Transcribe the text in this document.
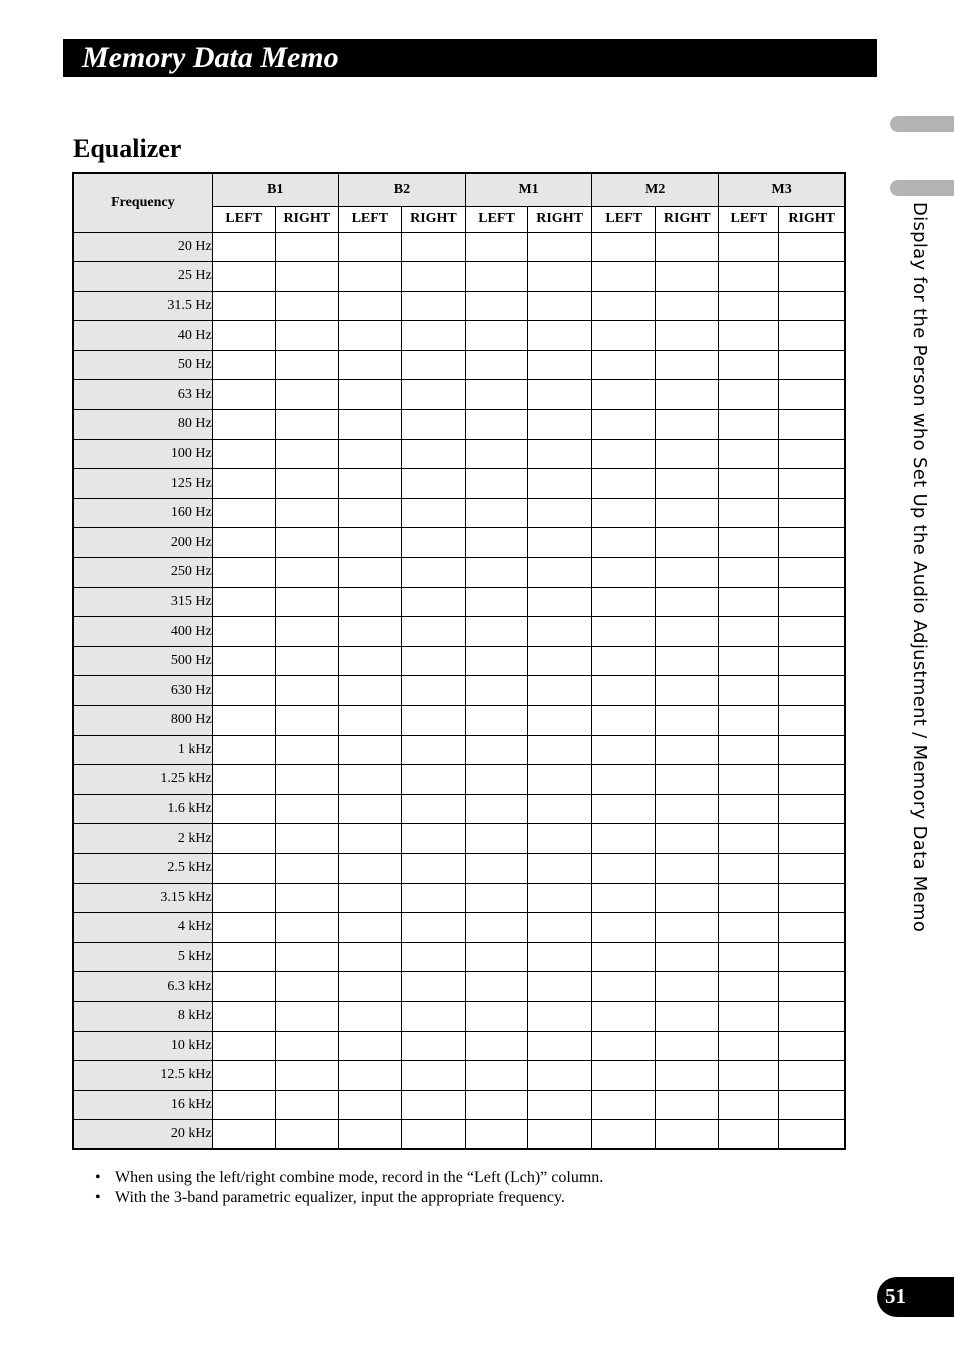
Memory Data Memo
Equalizer
Display for the Person who Set Up the Audio Adjustment / Memory Data Memo
Frequency	B1		B2		M1		M2		M3	
	LEFT	RIGHT	LEFT	RIGHT	LEFT	RIGHT	LEFT	RIGHT	LEFT	RIGHT
20 Hz										
25 Hz										
31.5 Hz										
40 Hz										
50 Hz										
63 Hz										
80 Hz										
100 Hz										
125 Hz										
160 Hz										
200 Hz										
250 Hz										
315 Hz										
400 Hz										
500 Hz										
630 Hz										
800 Hz										
1 kHz										
1.25 kHz										
1.6 kHz										
2 kHz										
2.5 kHz										
3.15 kHz										
4 kHz										
5 kHz										
6.3 kHz										
8 kHz										
10 kHz										
12.5 kHz										
16 kHz										
20 kHz										
• When using the left/right combine mode, record in the “Left (Lch)” column.
• With the 3-band parametric equalizer, input the appropriate frequency.
51
